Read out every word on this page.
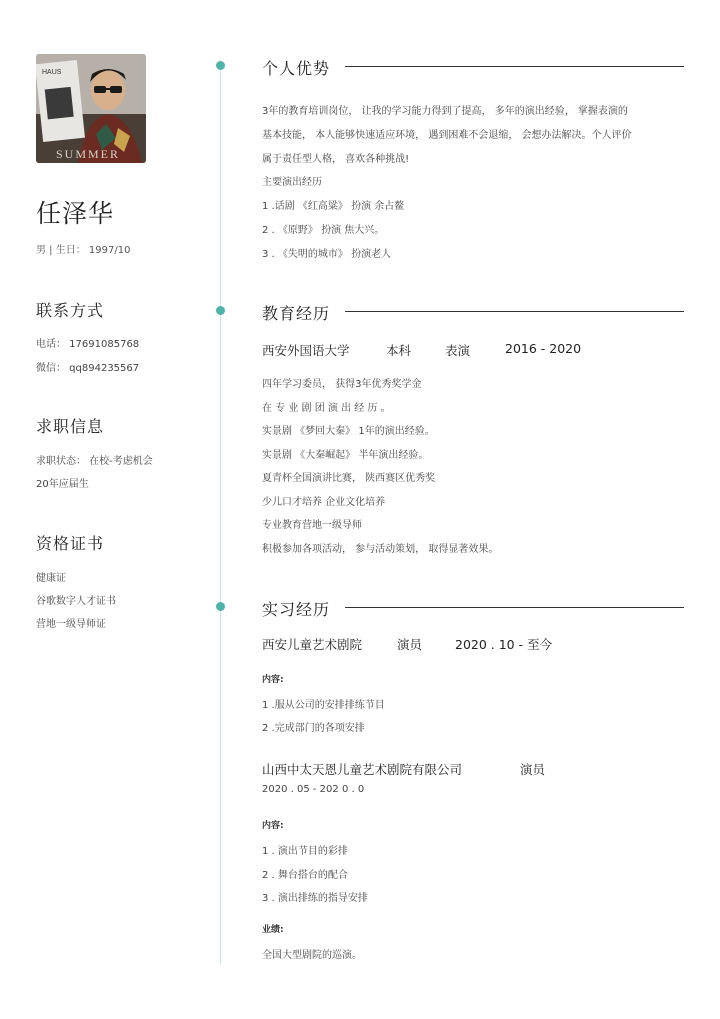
HAUS
SUMMER
任泽华
男 | 生日： 1997/10
联系方式
电话： 17691085768
微信： qq894235567
求职信息
求职状态： 在校-考虑机会
20年应届生
资格证书
健康证
谷歌数字人才证书
营地一级导师证
个人优势
3年的教育培训岗位， 让我的学习能力得到了提高， 多年的演出经验， 掌握表演的
基本技能， 本人能够快速适应环境， 遇到困难不会退缩， 会想办法解决。个人评价
属于责任型人格， 喜欢各种挑战!
主要演出经历
1 .话剧 《红高粱》 扮演 余占鳌
2 . 《原野》 扮演 焦大兴。
3 . 《失明的城市》 扮演老人
教育经历
西安外国语大学	本科	表演	2016 - 2020
四年学习委员， 获得3年优秀奖学金
在 专 业 剧 团 演 出 经 历 。
实景剧 《梦回大秦》 1年的演出经验。
实景剧 《大秦崛起》 半年演出经验。
夏青杯全国演讲比赛， 陕西赛区优秀奖
少儿口才培养 企业文化培养
专业教育营地一级导师
积极参加各项活动， 参与活动策划， 取得显著效果。
实习经历
西安儿童艺术剧院	演员	2020 . 10 - 至今
内容:
1 .服从公司的安排排练节目
2 .完成部门的各项安排
山西中太天恩儿童艺术剧院有限公司	演员
2020 . 05 - 202 0 . 0
内容:
1 . 演出节目的彩排
2 . 舞台搭台的配合
3 . 演出排练的指导安排
业绩:
全国大型剧院的巡演。
